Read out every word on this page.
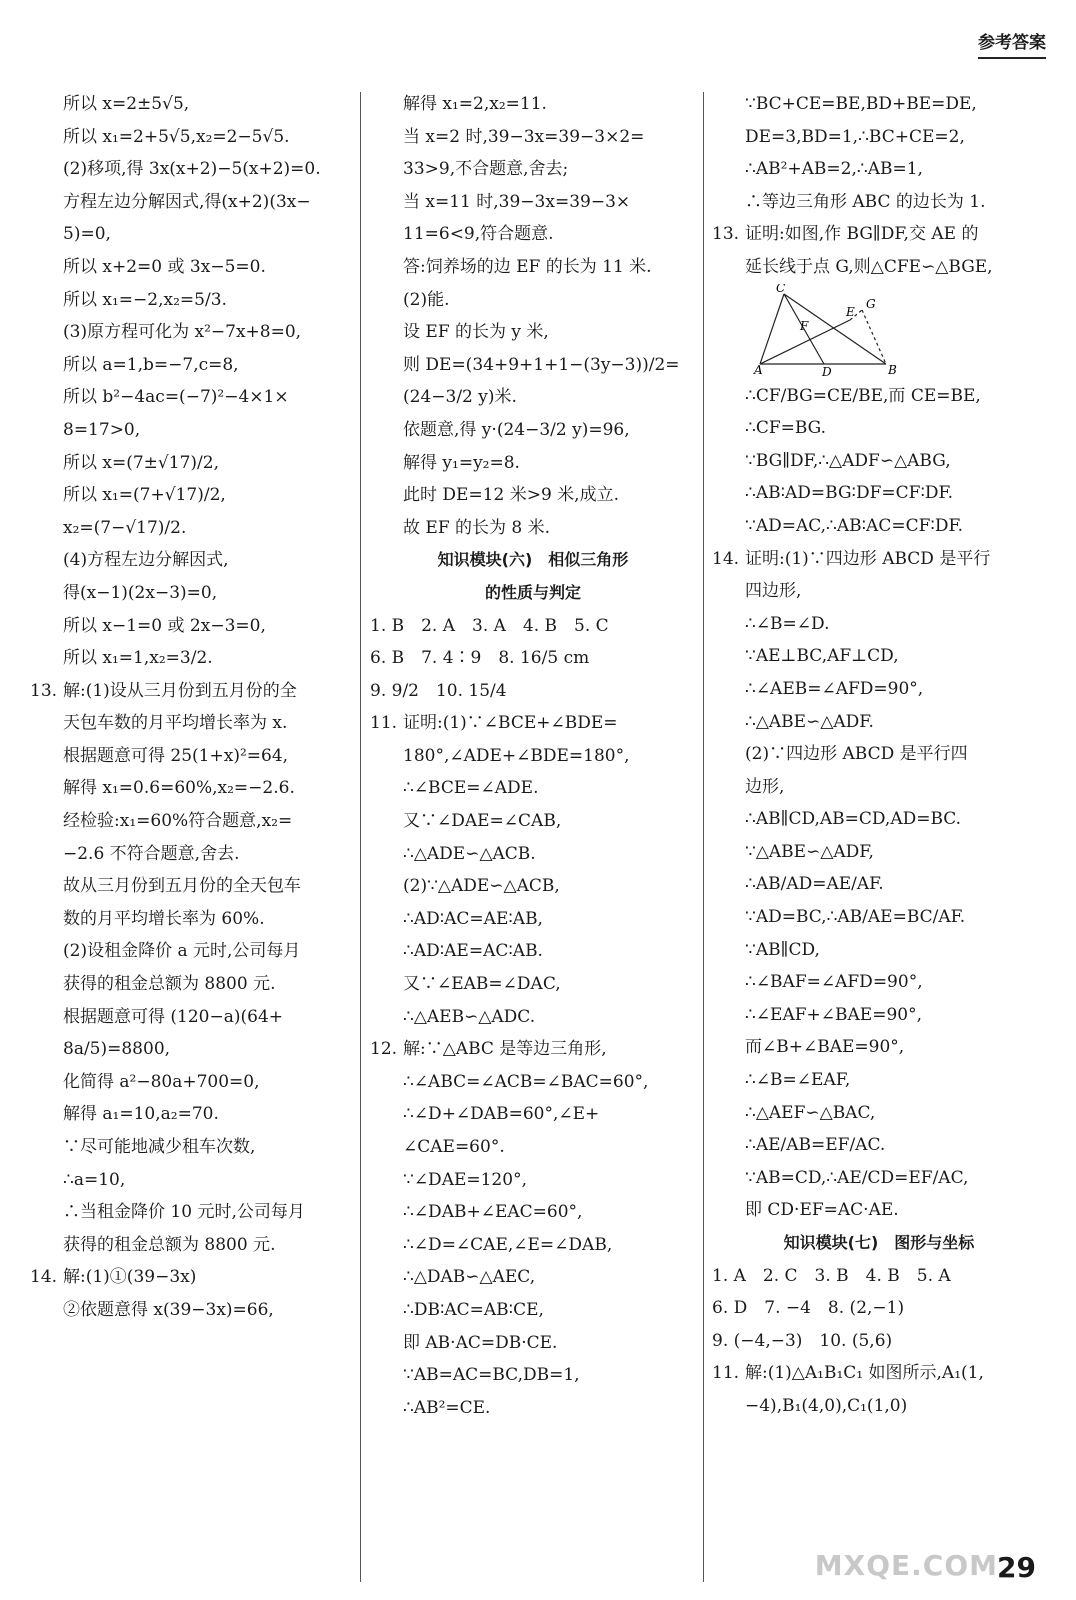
参考答案
所以 x=2±5√5,
所以 x₁=2+5√5,x₂=2−5√5.
(2)移项,得 3x(x+2)−5(x+2)=0.
方程左边分解因式,得(x+2)(3x−
5)=0,
所以 x+2=0 或 3x−5=0.
所以 x₁=−2,x₂=5/3.
(3)原方程可化为 x²−7x+8=0,
所以 a=1,b=−7,c=8,
所以 b²−4ac=(−7)²−4×1×
8=17>0,
所以 x=(7±√17)/2,
所以 x₁=(7+√17)/2,
x₂=(7−√17)/2.
(4)方程左边分解因式,
得(x−1)(2x−3)=0,
所以 x−1=0 或 2x−3=0,
所以 x₁=1,x₂=3/2.
13. 解:(1)设从三月份到五月份的全
天包车数的月平均增长率为 x.
根据题意可得 25(1+x)²=64,
解得 x₁=0.6=60%,x₂=−2.6.
经检验:x₁=60%符合题意,x₂=
−2.6 不符合题意,舍去.
故从三月份到五月份的全天包车
数的月平均增长率为 60%.
(2)设租金降价 a 元时,公司每月
获得的租金总额为 8800 元.
根据题意可得 (120−a)(64+
8a/5)=8800,
化简得 a²−80a+700=0,
解得 a₁=10,a₂=70.
∵尽可能地减少租车次数,
∴a=10,
∴当租金降价 10 元时,公司每月
获得的租金总额为 8800 元.
14. 解:(1)①(39−3x)
②依题意得 x(39−3x)=66,
解得 x₁=2,x₂=11.
当 x=2 时,39−3x=39−3×2=
33>9,不合题意,舍去;
当 x=11 时,39−3x=39−3×
11=6<9,符合题意.
答:饲养场的边 EF 的长为 11 米.
(2)能.
设 EF 的长为 y 米,
则 DE=(34+9+1+1−(3y−3))/2=
(24−3/2 y)米.
依题意,得 y·(24−3/2 y)=96,
解得 y₁=y₂=8.
此时 DE=12 米>9 米,成立.
故 EF 的长为 8 米.
知识模块(六)　相似三角形
的性质与判定
1. B　2. A　3. A　4. B　5. C
6. B　7. 4∶9　8. 16/5 cm
9. 9/2　10. 15/4
11. 证明:(1)∵∠BCE+∠BDE=
180°,∠ADE+∠BDE=180°,
∴∠BCE=∠ADE.
又∵∠DAE=∠CAB,
∴△ADE∽△ACB.
(2)∵△ADE∽△ACB,
∴AD∶AC=AE∶AB,
∴AD∶AE=AC∶AB.
又∵∠EAB=∠DAC,
∴△AEB∽△ADC.
12. 解:∵△ABC 是等边三角形,
∴∠ABC=∠ACB=∠BAC=60°,
∴∠D+∠DAB=60°,∠E+
∠CAE=60°.
∵∠DAE=120°,
∴∠DAB+∠EAC=60°,
∴∠D=∠CAE,∠E=∠DAB,
∴△DAB∽△AEC,
∴DB∶AC=AB∶CE,
即 AB·AC=DB·CE.
∵AB=AC=BC,DB=1,
∴AB²=CE.
∵BC+CE=BE,BD+BE=DE,
DE=3,BD=1,∴BC+CE=2,
∴AB²+AB=2,∴AB=1,
∴等边三角形 ABC 的边长为 1.
13. 证明:如图,作 BG∥DF,交 AE 的
延长线于点 G,则△CFE∽△BGE,
C
A	D	B
F
E
G
∴CF/BG=CE/BE,而 CE=BE,
∴CF=BG.
∵BG∥DF,∴△ADF∽△ABG,
∴AB∶AD=BG∶DF=CF∶DF.
∵AD=AC,∴AB∶AC=CF∶DF.
14. 证明:(1)∵四边形 ABCD 是平行
四边形,
∴∠B=∠D.
∵AE⊥BC,AF⊥CD,
∴∠AEB=∠AFD=90°,
∴△ABE∽△ADF.
(2)∵四边形 ABCD 是平行四
边形,
∴AB∥CD,AB=CD,AD=BC.
∵△ABE∽△ADF,
∴AB/AD=AE/AF.
∵AD=BC,∴AB/AE=BC/AF.
∵AB∥CD,
∴∠BAF=∠AFD=90°,
∴∠EAF+∠BAE=90°,
而∠B+∠BAE=90°,
∴∠B=∠EAF,
∴△AEF∽△BAC,
∴AE/AB=EF/AC.
∵AB=CD,∴AE/CD=EF/AC,
即 CD·EF=AC·AE.
知识模块(七)　图形与坐标
1. A　2. C　3. B　4. B　5. A
6. D　7. −4　8. (2,−1)
9. (−4,−3)　10. (5,6)
11. 解:(1)△A₁B₁C₁ 如图所示,A₁(1,
−4),B₁(4,0),C₁(1,0)
MXQE.COM 29
